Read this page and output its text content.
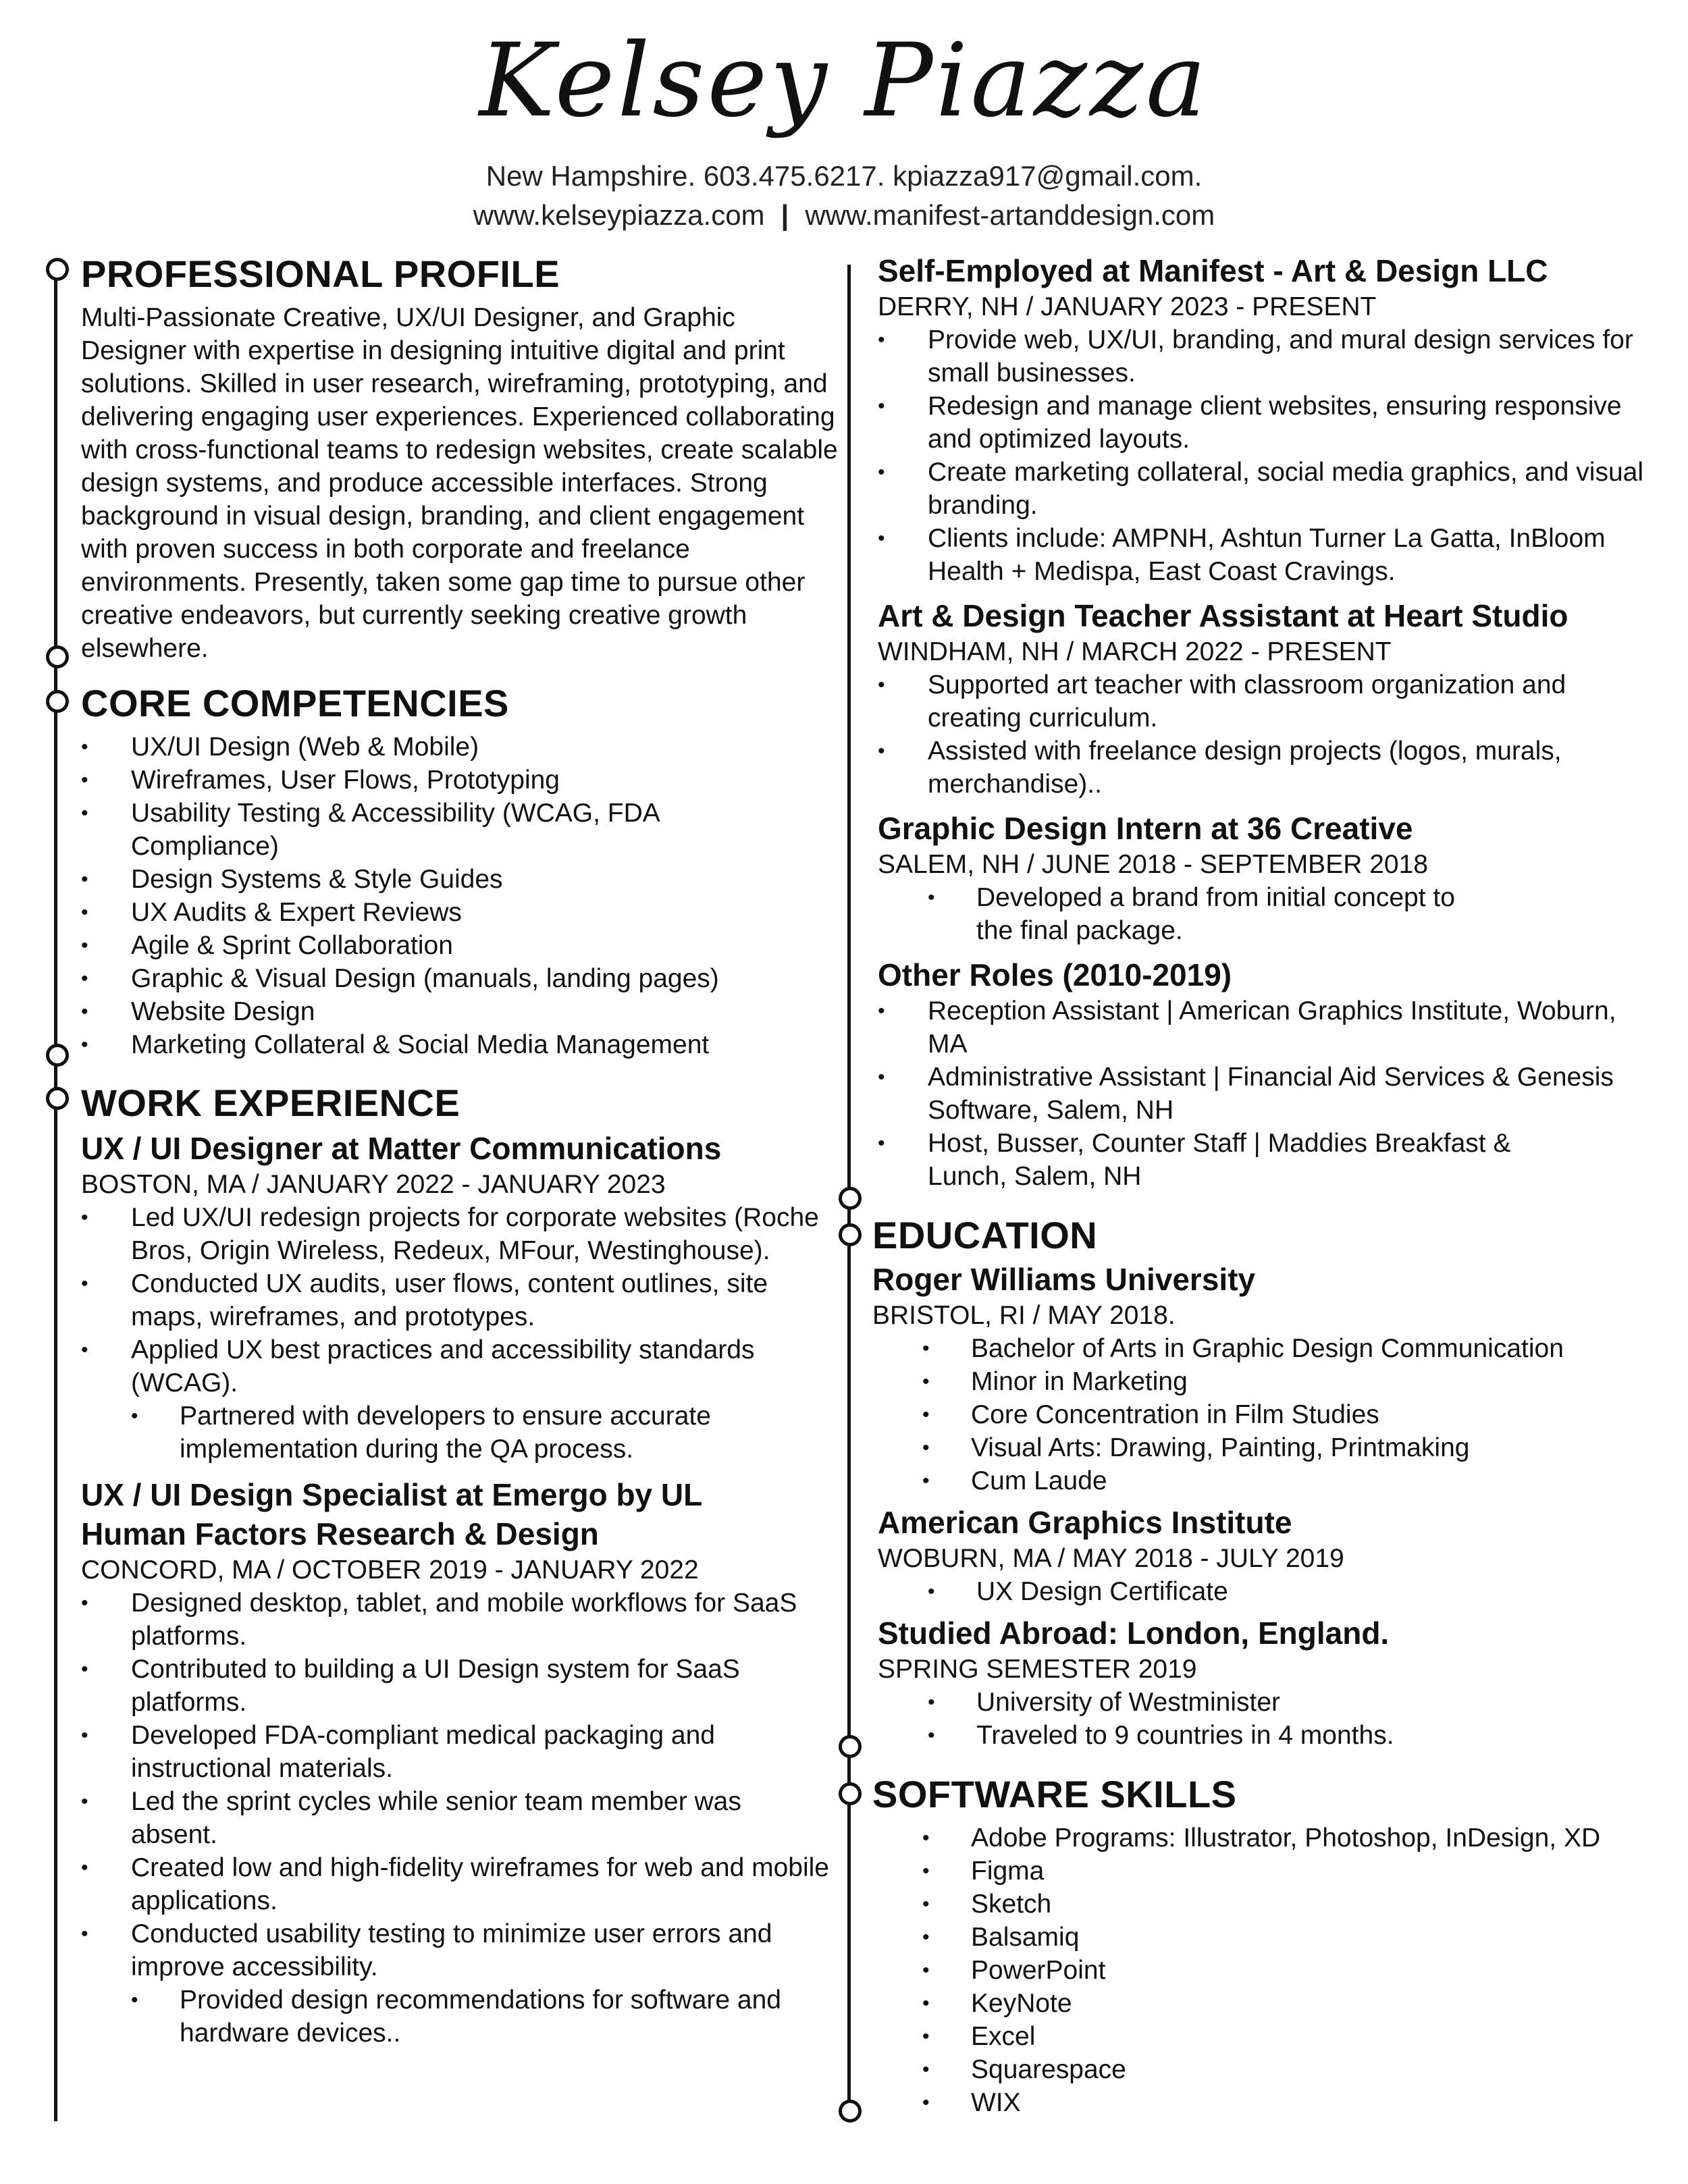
Kelsey Piazza
New Hampshire. 603.475.6217. kpiazza917@gmail.com.
www.kelseypiazza.com | www.manifest-artanddesign.com
PROFESSIONAL PROFILE

Multi-Passionate Creative, UX/UI Designer, and Graphic Designer with expertise in designing intuitive digital and print solutions. Skilled in user research, wireframing, prototyping, and delivering engaging user experiences. Experienced collaborating with cross-functional teams to redesign websites, create scalable design systems, and produce accessible interfaces. Strong background in visual design, branding, and client engagement with proven success in both corporate and freelance environments. Presently, taken some gap time to pursue other creative endeavors, but currently seeking creative growth elsewhere.

CORE COMPETENCIES
• UX/UI Design (Web & Mobile)
• Wireframes, User Flows, Prototyping
• Usability Testing & Accessibility (WCAG, FDA Compliance)
• Design Systems & Style Guides
• UX Audits & Expert Reviews
• Agile & Sprint Collaboration
• Graphic & Visual Design (manuals, landing pages)
• Website Design
• Marketing Collateral & Social Media Management
WORK EXPERIENCE
UX / UI Designer at Matter Communications

BOSTON, MA / JANUARY 2022 - JANUARY 2023

• Led UX/UI redesign projects for corporate websites (Roche Bros, Origin Wireless, Redeux, MFour, Westinghouse).
• Conducted UX audits, user flows, content outlines, site maps, wireframes, and prototypes.
• Applied UX best practices and accessibility standards (WCAG).
• Partnered with developers to ensure accurate implementation during the QA process.
UX / UI Design Specialist at Emergo by UL Human Factors Research & Design

CONCORD, MA / OCTOBER 2019 - JANUARY 2022

• Designed desktop, tablet, and mobile workflows for SaaS platforms.
• Contributed to building a UI Design system for SaaS platforms.
• Developed FDA-compliant medical packaging and instructional materials.
• Led the sprint cycles while senior team member was absent.
• Created low and high-fidelity wireframes for web and mobile applications.
• Conducted usability testing to minimize user errors and improve accessibility.
• Provided design recommendations for software and hardware devices..
Self-Employed at Manifest - Art & Design LLC

DERRY, NH / JANUARY 2023 - PRESENT

• Provide web, UX/UI, branding, and mural design services for small businesses.
• Redesign and manage client websites, ensuring responsive and optimized layouts.
• Create marketing collateral, social media graphics, and visual branding.
• Clients include: AMPNH, Ashtun Turner La Gatta, InBloom Health + Medispa, East Coast Cravings.
Art & Design Teacher Assistant at Heart Studio

WINDHAM, NH / MARCH 2022 - PRESENT

• Supported art teacher with classroom organization and creating curriculum.
• Assisted with freelance design projects (logos, murals, merchandise)..
Graphic Design Intern at 36 Creative

SALEM, NH / JUNE 2018 - SEPTEMBER 2018

• Developed a brand from initial concept to the final package.
Other Roles (2010-2019)
• Reception Assistant | American Graphics Institute, Woburn, MA
• Administrative Assistant | Financial Aid Services & Genesis Software, Salem, NH
• Host, Busser, Counter Staff | Maddies Breakfast & Lunch, Salem, NH
EDUCATION
Roger Williams University

BRISTOL, RI / MAY 2018.

• Bachelor of Arts in Graphic Design Communication
• Minor in Marketing
• Core Concentration in Film Studies
• Visual Arts: Drawing, Painting, Printmaking
• Cum Laude
American Graphics Institute

WOBURN, MA / MAY 2018 - JULY 2019

• UX Design Certificate
Studied Abroad: London, England.

SPRING SEMESTER 2019

• University of Westminister
• Traveled to 9 countries in 4 months.
SOFTWARE SKILLS
• Adobe Programs: Illustrator, Photoshop, InDesign, XD
• Figma
• Sketch
• Balsamiq
• PowerPoint
• KeyNote
• Excel
• Squarespace
• WIX
